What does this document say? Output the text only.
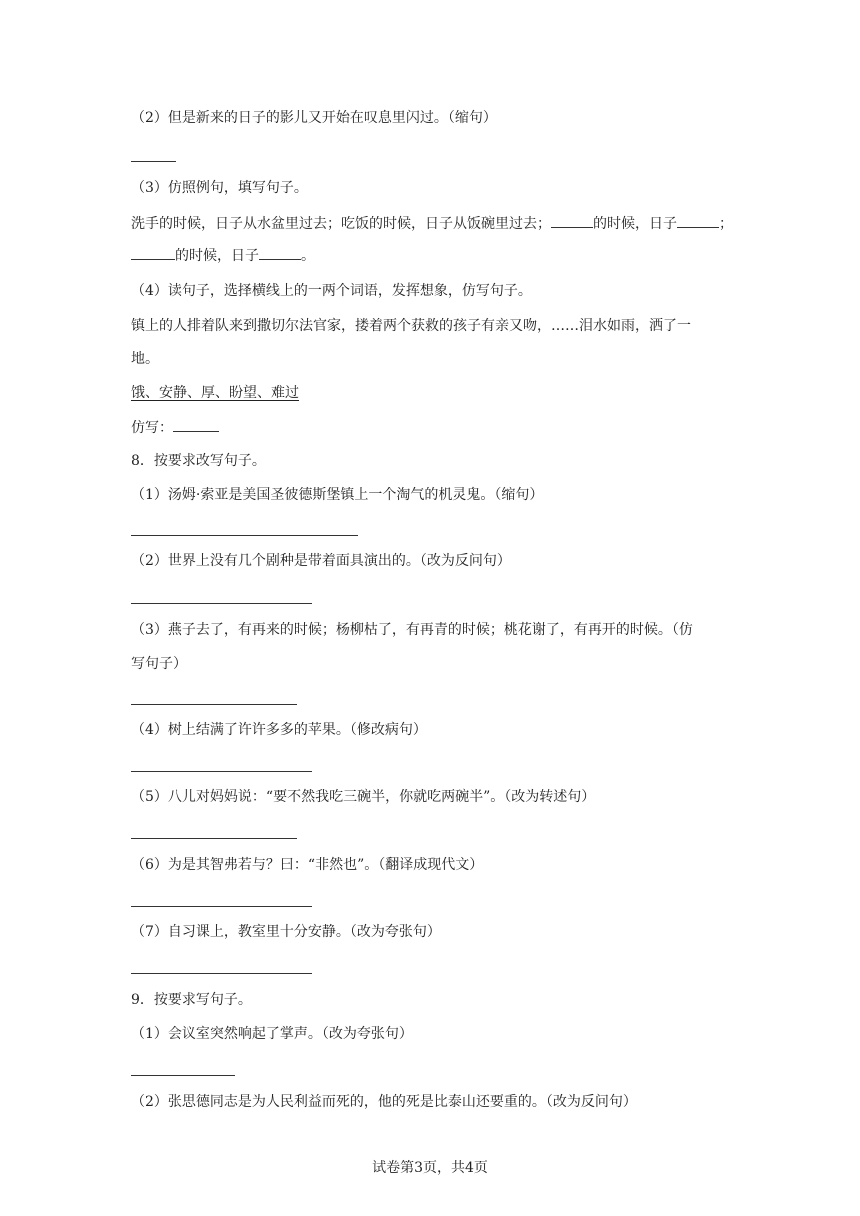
（2）但是新来的日子的影儿又开始在叹息里闪过。（缩句）
（3）仿照例句，填写句子。
洗手的时候，日子从水盆里过去；吃饭的时候，日子从饭碗里过去；	的时候，日子	；
的时候，日子	。
（4）读句子，选择横线上的一两个词语，发挥想象，仿写句子。
镇上的人排着队来到撒切尔法官家，搂着两个获救的孩子有亲又吻，……泪水如雨，洒了一
地。
饿、安静、厚、盼望、难过
仿写：
8．按要求改写句子。
（1）汤姆·索亚是美国圣彼德斯堡镇上一个淘气的机灵鬼。（缩句）
（2）世界上没有几个剧种是带着面具演出的。（改为反问句）
（3）燕子去了，有再来的时候；杨柳枯了，有再青的时候；桃花谢了，有再开的时候。（仿
写句子）
（4）树上结满了许许多多的苹果。（修改病句）
（5）八儿对妈妈说：“要不然我吃三碗半，你就吃两碗半”。（改为转述句）
（6）为是其智弗若与？曰：“非然也”。（翻译成现代文）
（7）自习课上，教室里十分安静。（改为夸张句）
9．按要求写句子。
（1）会议室突然响起了掌声。（改为夸张句）
（2）张思德同志是为人民利益而死的，他的死是比泰山还要重的。（改为反问句）
试卷第3页，共4页
